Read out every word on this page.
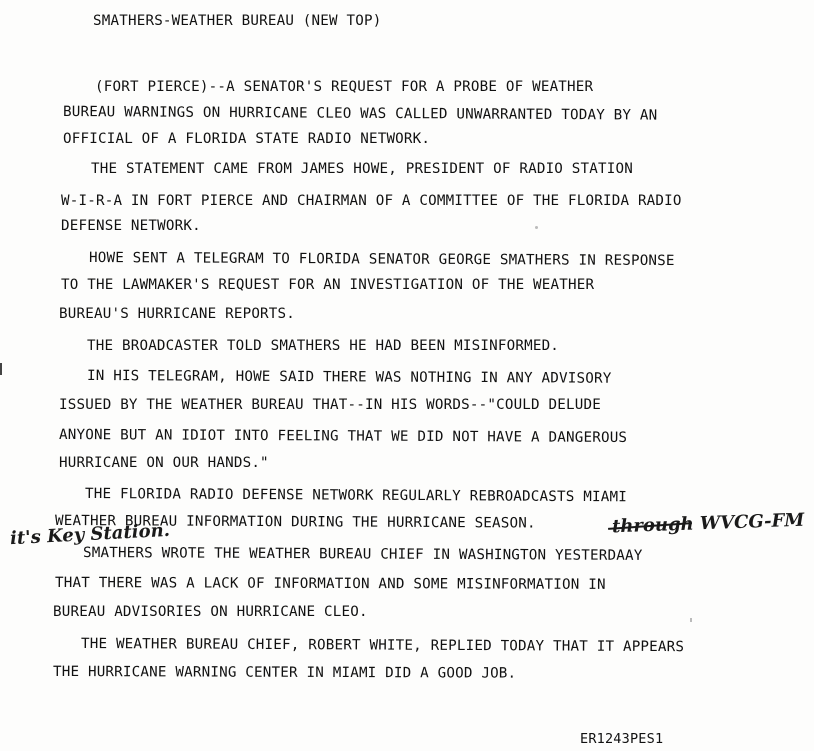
SMATHERS-WEATHER BUREAU (NEW TOP)

(FORT PIERCE)--A SENATOR'S REQUEST FOR A PROBE OF WEATHER

BUREAU WARNINGS ON HURRICANE CLEO WAS CALLED UNWARRANTED TODAY BY AN

OFFICIAL OF A FLORIDA STATE RADIO NETWORK.

THE STATEMENT CAME FROM JAMES HOWE, PRESIDENT OF RADIO STATION

W-I-R-A IN FORT PIERCE AND CHAIRMAN OF A COMMITTEE OF THE FLORIDA RADIO

DEFENSE NETWORK.

HOWE SENT A TELEGRAM TO FLORIDA SENATOR GEORGE SMATHERS IN RESPONSE

TO THE LAWMAKER'S REQUEST FOR AN INVESTIGATION OF THE WEATHER

BUREAU'S HURRICANE REPORTS.

THE BROADCASTER TOLD SMATHERS HE HAD BEEN MISINFORMED.

IN HIS TELEGRAM, HOWE SAID THERE WAS NOTHING IN ANY ADVISORY

ISSUED BY THE WEATHER BUREAU THAT--IN HIS WORDS--"COULD DELUDE

ANYONE BUT AN IDIOT INTO FEELING THAT WE DID NOT HAVE A DANGEROUS

HURRICANE ON OUR HANDS."

THE FLORIDA RADIO DEFENSE NETWORK REGULARLY REBROADCASTS MIAMI

WEATHER BUREAU INFORMATION DURING THE HURRICANE SEASON.	through WVCG-FM

it's Key Station.

SMATHERS WROTE THE WEATHER BUREAU CHIEF IN WASHINGTON YESTERDAAY

THAT THERE WAS A LACK OF INFORMATION AND SOME MISINFORMATION IN

BUREAU ADVISORIES ON HURRICANE CLEO.

THE WEATHER BUREAU CHIEF, ROBERT WHITE, REPLIED TODAY THAT IT APPEARS

THE HURRICANE WARNING CENTER IN MIAMI DID A GOOD JOB.

ER1243PES1
